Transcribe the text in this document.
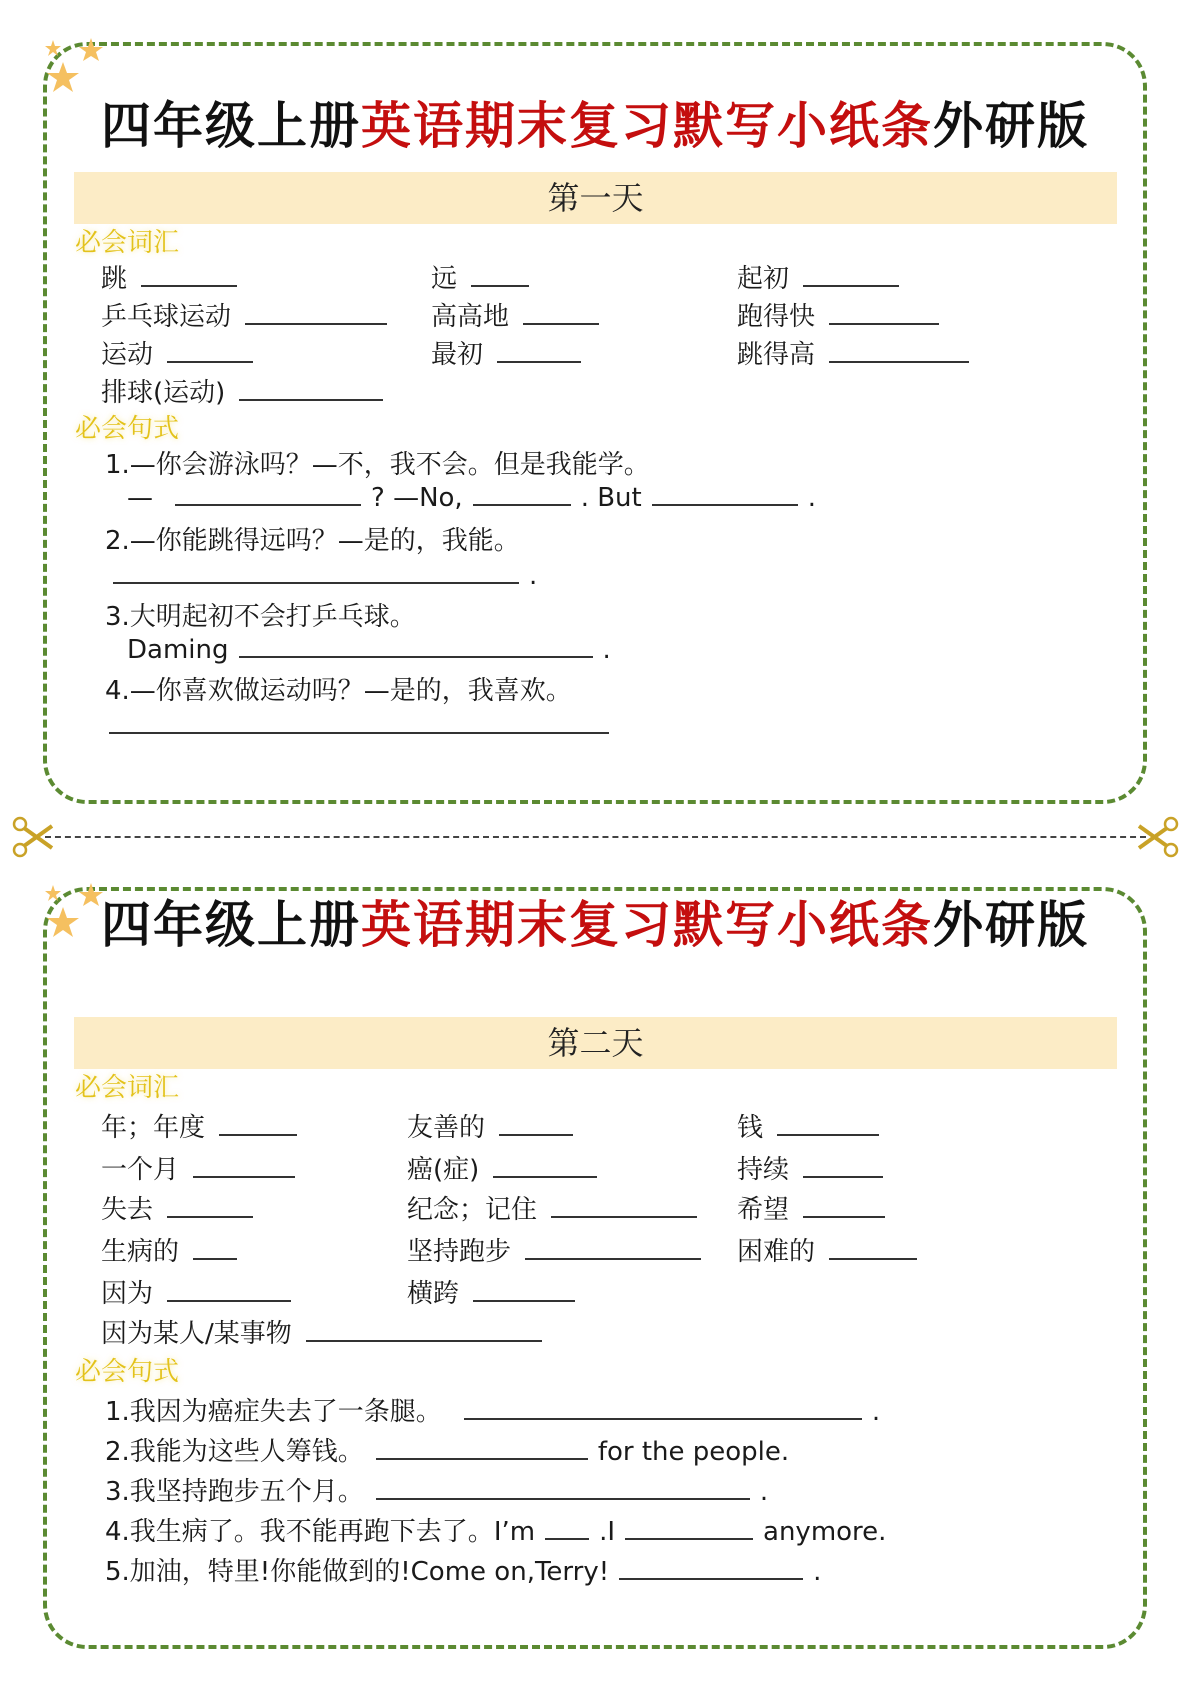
四年级上册英语期末复习默写小纸条外研版
第一天
必会词汇
跳	远	起初
乒乓球运动	高高地	跑得快
运动	最初	跳得高
排球(运动)
必会句式
1.—你会游泳吗？—不，我不会。但是我能学。
—	? —No,	. But	.
2.—你能跳得远吗？—是的，我能。
.
3.大明起初不会打乒乓球。
Daming	.
4.—你喜欢做运动吗？—是的，我喜欢。
四年级上册英语期末复习默写小纸条外研版
第二天
必会词汇
年；年度	友善的	钱
一个月	癌(症)	持续
失去	纪念；记住	希望
生病的	坚持跑步	困难的
因为	横跨
因为某人/某事物
必会句式
1.我因为癌症失去了一条腿。	.
2.我能为这些人筹钱。	for the people.
3.我坚持跑步五个月。	.
4.我生病了。我不能再跑下去了。I’m .I	anymore.
5.加油，特里!你能做到的!Come on,Terry!	.
